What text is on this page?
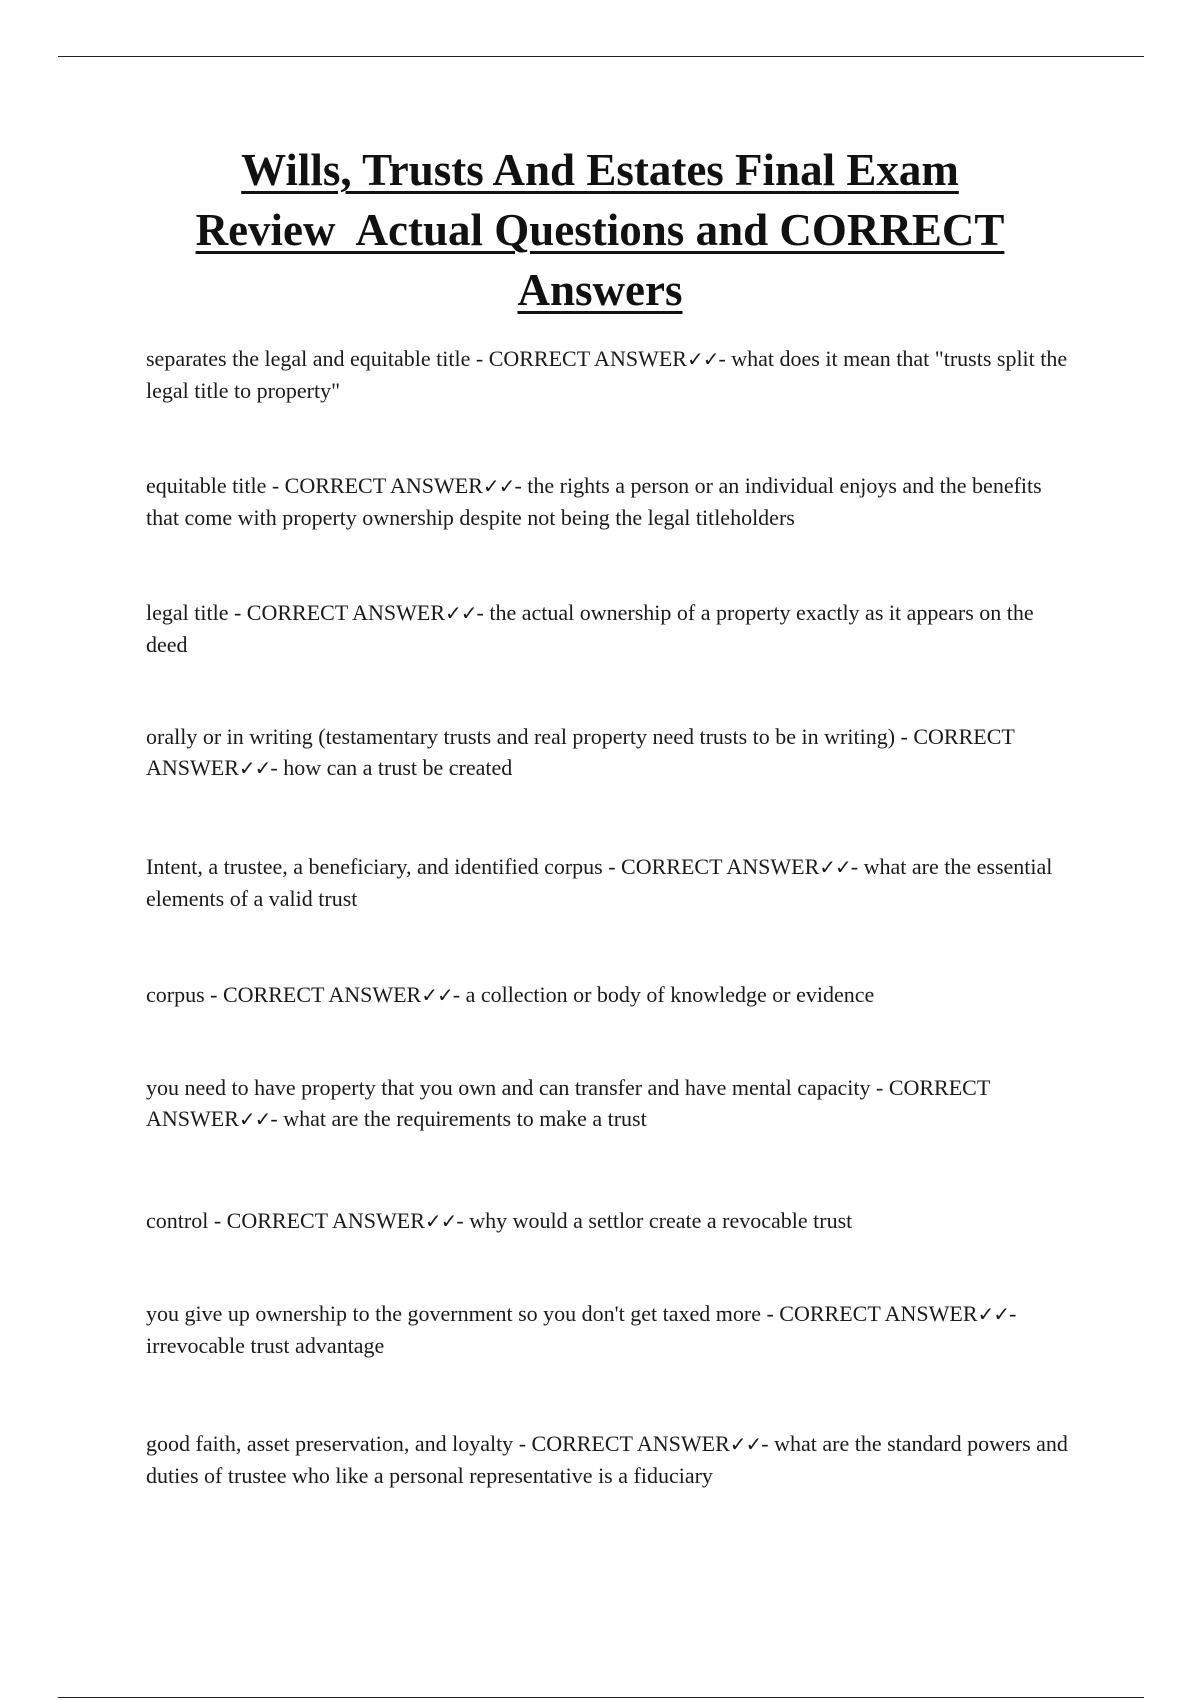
Wills, Trusts And Estates Final Exam
Review  Actual Questions and CORRECT
Answers

separates the legal and equitable title - CORRECT ANSWER✓✓- what does it mean that "trusts split the legal title to property"

equitable title - CORRECT ANSWER✓✓- the rights a person or an individual enjoys and the benefits that come with property ownership despite not being the legal titleholders

legal title - CORRECT ANSWER✓✓- the actual ownership of a property exactly as it appears on the deed

orally or in writing (testamentary trusts and real property need trusts to be in writing) - CORRECT ANSWER✓✓- how can a trust be created

Intent, a trustee, a beneficiary, and identified corpus - CORRECT ANSWER✓✓- what are the essential elements of a valid trust

corpus - CORRECT ANSWER✓✓- a collection or body of knowledge or evidence

you need to have property that you own and can transfer and have mental capacity - CORRECT ANSWER✓✓- what are the requirements to make a trust

control - CORRECT ANSWER✓✓- why would a settlor create a revocable trust

you give up ownership to the government so you don't get taxed more - CORRECT ANSWER✓✓- irrevocable trust advantage

good faith, asset preservation, and loyalty - CORRECT ANSWER✓✓- what are the standard powers and duties of trustee who like a personal representative is a fiduciary
